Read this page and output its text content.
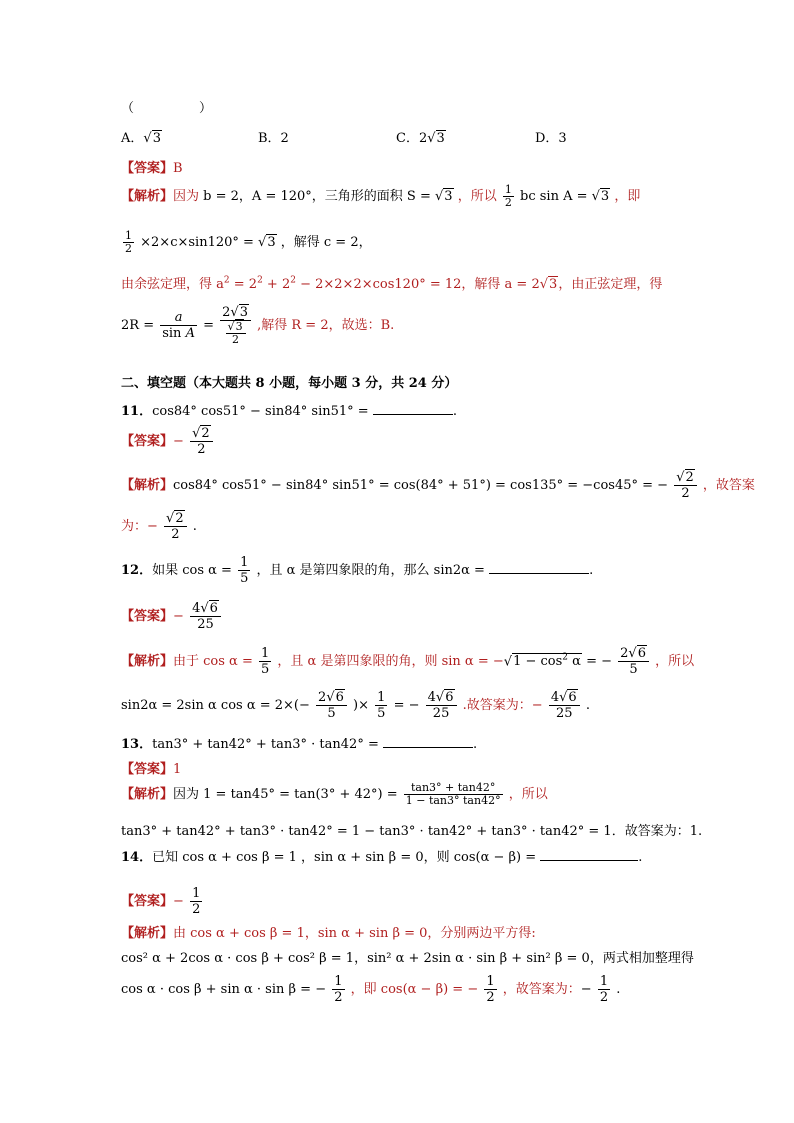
（　　　　　）
A．√3	B．2	C．2√3	D．3
【答案】B
【解析】因为 b = 2，A = 120°，三角形的面积 S = √3 ，所以 $\frac{1}{2}$ bc sin A = √3 ，即
$\frac{1}{2} \times 2\times c\times\sin 120^\circ = √3$ ，解得 c = 2，
由余弦定理，得 $a^2 = 2^2 + 2^2 - 2\times 2\times 2\times\cos 120^\circ = 12$，解得 a = 2√3，由正弦定理，得
$2R = \frac{a}{\text{sin A}} = \frac{2√3}{\frac{√3}{2}}$ ,解得 R = 2，故选：B.
二、填空题（本大题共 8 小题，每小题 3 分，共 24 分）
11．cos84° cos51° − sin84° sin51° =	.
【答案】− $\frac{√2}{2}$
【解析】cos84° cos51° − sin84° sin51° = cos(84° + 51°) = cos135° = −cos45° = − $\frac{√2}{2}$ ，故答案
为：− $\frac{√2}{2}$ .
12．如果 $\cos \alpha = \frac{1}{5}$ ，且 α 是第四象限的角，那么 sin2α =	.
【答案】− $\frac{4√6}{25}$
【解析】由于 $\cos \alpha = \frac{1}{5}$ ，且 α 是第四象限的角，则 $\sin \alpha = -√1 - \cos^2 \alpha$ = − $\frac{2√6}{5}$ ，所以
sin2α = 2sin α $\cos \alpha = 2\times(- \frac{2√6}{5}$ )× $\frac{1}{5}$ = − $\frac{4√6}{25}$ .故答案为：− $\frac{4√6}{25}$ .
13．tan3° + tan42° + tan3° · tan42° =	.
【答案】1
【解析】因为 $1 = \tan 45^\circ = \tan(3^\circ + 42^\circ) = \frac{\tan 3^\circ + \tan 42^\circ}{1 - \tan 3^\circ \tan 42^\circ}$ ，所以
tan3° + tan42° + tan3° · tan42° = 1 − tan3° · tan42° + tan3° · tan42° = 1．故答案为：1.
14．已知 cos α + cos β = 1 ，sin α + sin β = 0，则 cos(α − β) =	.
【答案】− $\frac{1}{2}$
【解析】由 cos α + cos β = 1，sin α + sin β = 0，分别两边平方得:
cos² α + 2cos α · cos β + cos² β = 1，sin² α + 2sin α · sin β + sin² β = 0，两式相加整理得
cos α · cos β + sin α · sin β = − $\frac{1}{2}$ ，即 cos(α − β) = − $\frac{1}{2}$ ，故答案为：− $\frac{1}{2}$ .
